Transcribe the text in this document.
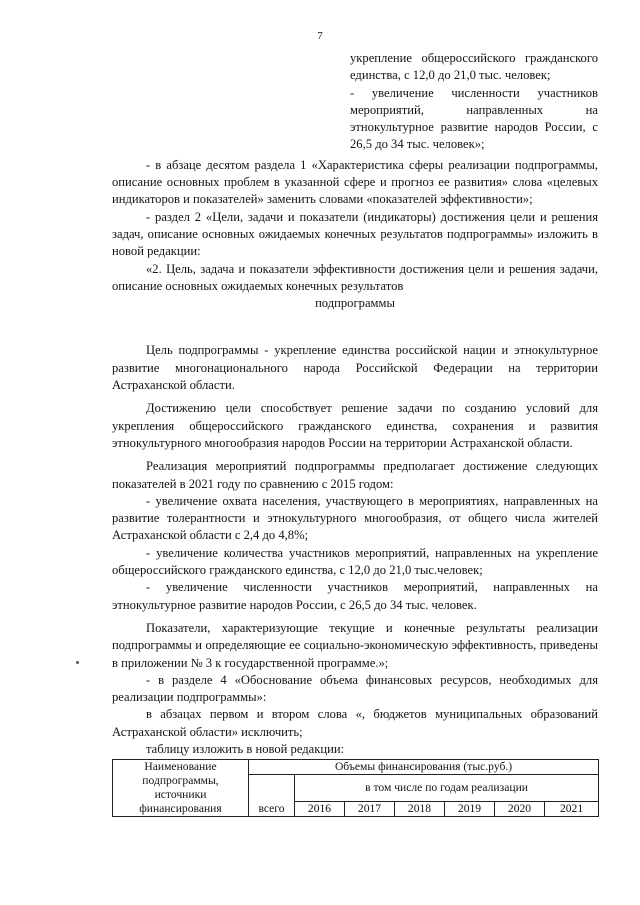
7

укрепление общероссийского гражданского единства, с 12,0 до 21,0 тыс. человек;

- увеличение численности участников мероприятий, направленных на этнокультурное развитие народов России, с 26,5 до 34 тыс. человек»;

- в абзаце десятом раздела 1 «Характеристика сферы реализации подпрограммы, описание основных проблем в указанной сфере и прогноз ее развития» слова «целевых индикаторов и показателей» заменить словами «показателей эффективности»;

- раздел 2 «Цели, задачи и показатели (индикаторы) достижения цели и решения задач, описание основных ожидаемых конечных результатов подпрограммы» изложить в новой редакции:

«2. Цель, задача и показатели эффективности достижения цели и решения задачи, описание основных ожидаемых конечных результатов

подпрограммы

Цель подпрограммы - укрепление единства российской нации и этнокультурное развитие многонационального народа Российской Федерации на территории Астраханской области.

Достижению цели способствует решение задачи по созданию условий для укрепления общероссийского гражданского единства, сохранения и развития этнокультурного многообразия народов России на территории Астраханской области.

Реализация мероприятий подпрограммы предполагает достижение следующих показателей в 2021 году по сравнению с 2015 годом:

- увеличение охвата населения, участвующего в мероприятиях, направленных на развитие толерантности и этнокультурного многообразия, от общего числа жителей Астраханской области с 2,4 до 4,8%;

- увеличение количества участников мероприятий, направленных на укрепление общероссийского гражданского единства, с 12,0 до 21,0 тыс.человек;

- увеличение численности участников мероприятий, направленных на этнокультурное развитие народов России, с 26,5 до 34 тыс. человек.

Показатели, характеризующие текущие и конечные результаты реализации подпрограммы и определяющие ее социально-экономическую эффективность, приведены в приложении № 3 к государственной программе.»;

- в разделе 4 «Обоснование объема финансовых ресурсов, необходимых для реализации подпрограммы»:

в абзацах первом и втором слова «, бюджетов муниципальных образований Астраханской области» исключить;

таблицу изложить в новой редакции:

Наименование подпрограммы, источники финансирования	Объемы финансирования (тыс.руб.)						
	всего	в том числе по годам реализации					
		2016	2017	2018	2019	2020	2021
